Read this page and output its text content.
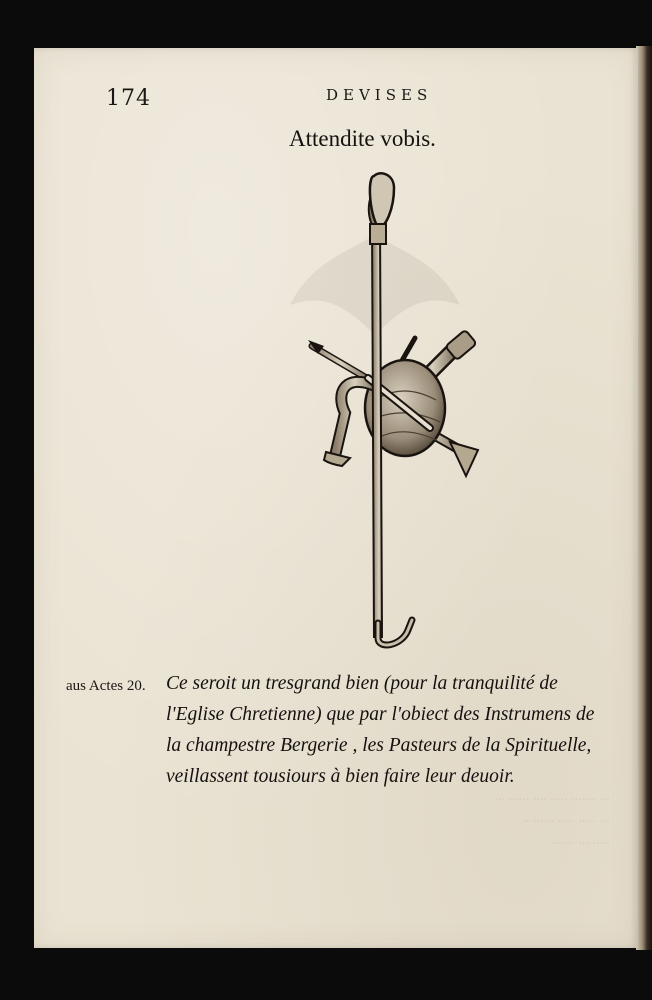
··· ······· ····· ···· ······ ···
··· ····· ····· ······ ··
····· ··· ·······
174	DEVISES
Attendite vobis.
aus Actes 20. Ce seroit un tresgrand bien (pour la tranquilité de
l'Eglise Chretienne) que par l'obiect des Instrumens de
la champestre Bergerie , les Pasteurs de la Spirituelle,
veillassent tousiours à bien faire leur deuoir.
